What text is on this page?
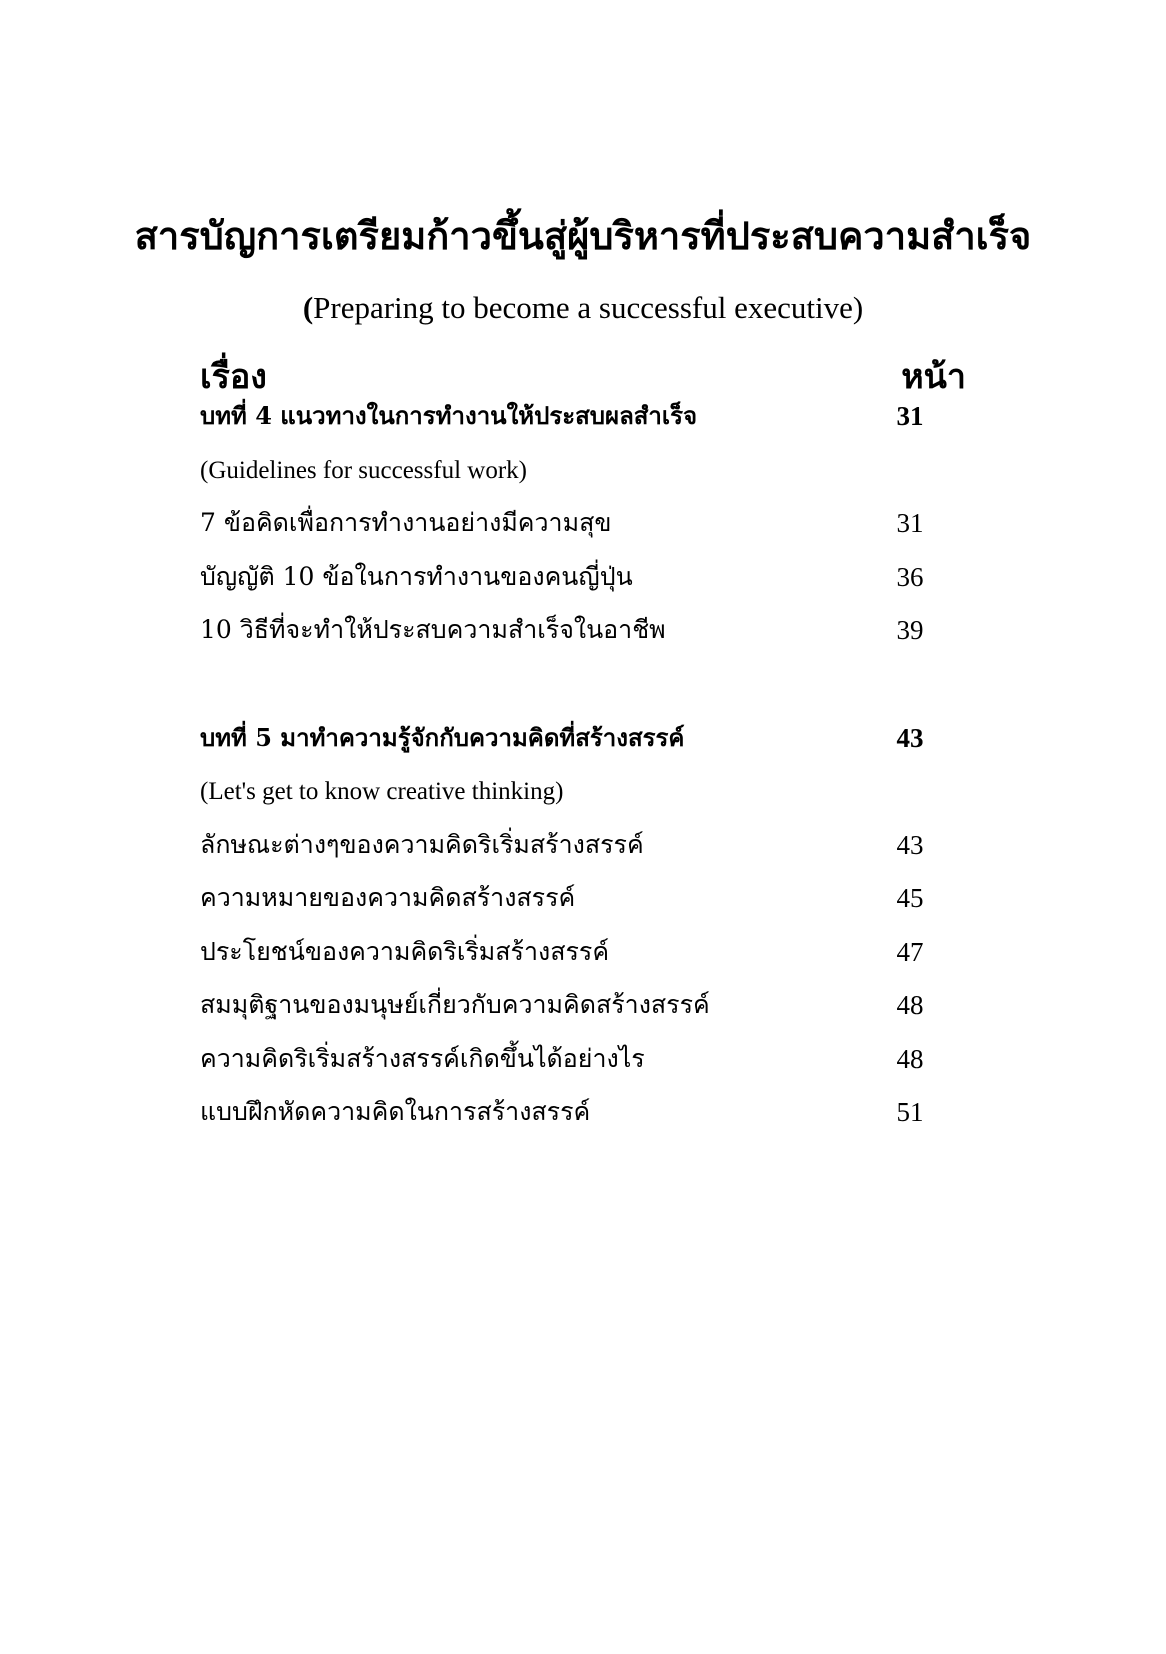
สารบัญการเตรียมก้าวขึ้นสู่ผู้บริหารที่ประสบความสำเร็จ
(Preparing to become a successful executive)
เรื่อง	หน้า
บทที่ 4 แนวทางในการทำงานให้ประสบผลสำเร็จ	31
(Guidelines for successful work)
7 ข้อคิดเพื่อการทำงานอย่างมีความสุข	31
บัญญัติ 10 ข้อในการทำงานของคนญี่ปุ่น	36
10 วิธีที่จะทำให้ประสบความสำเร็จในอาชีพ	39
บทที่ 5 มาทำความรู้จักกับความคิดที่สร้างสรรค์	43
(Let's get to know creative thinking)
ลักษณะต่างๆของความคิดริเริ่มสร้างสรรค์	43
ความหมายของความคิดสร้างสรรค์	45
ประโยชน์ของความคิดริเริ่มสร้างสรรค์	47
สมมุติฐานของมนุษย์เกี่ยวกับความคิดสร้างสรรค์	48
ความคิดริเริ่มสร้างสรรค์เกิดขึ้นได้อย่างไร	48
แบบฝึกหัดความคิดในการสร้างสรรค์	51
